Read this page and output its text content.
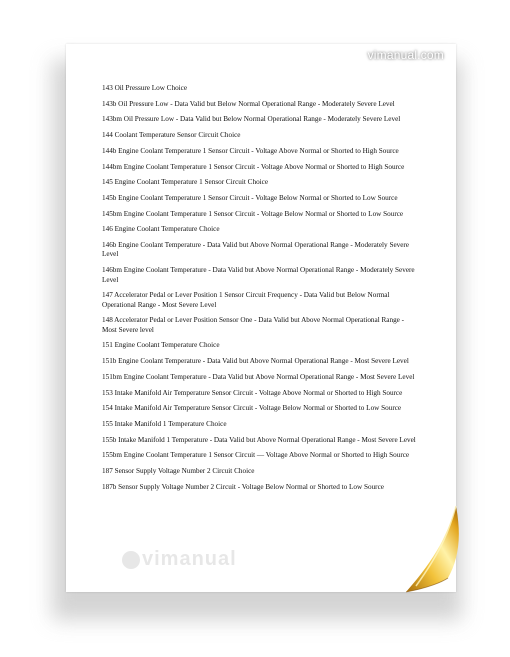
vimanual.com
143 Oil Pressure Low Choice
143b Oil Pressure Low - Data Valid but Below Normal Operational Range - Moderately Severe Level
143bm Oil Pressure Low - Data Valid but Below Normal Operational Range - Moderately Severe Level
144 Coolant Temperature Sensor Circuit Choice
144b Engine Coolant Temperature 1 Sensor Circuit - Voltage Above Normal or Shorted to High Source
144bm Engine Coolant Temperature 1 Sensor Circuit - Voltage Above Normal or Shorted to High Source
145 Engine Coolant Temperature 1 Sensor Circuit Choice
145b Engine Coolant Temperature 1 Sensor Circuit - Voltage Below Normal or Shorted to Low Source
145bm Engine Coolant Temperature 1 Sensor Circuit - Voltage Below Normal or Shorted to Low Source
146 Engine Coolant Temperature Choice
146b Engine Coolant Temperature - Data Valid but Above Normal Operational Range - Moderately Severe Level
146bm Engine Coolant Temperature - Data Valid but Above Normal Operational Range - Moderately Severe Level
147 Accelerator Pedal or Lever Position 1 Sensor Circuit Frequency - Data Valid but Below Normal Operational Range - Most Severe Level
148 Accelerator Pedal or Lever Position Sensor One - Data Valid but Above Normal Operational Range - Most Severe level
151 Engine Coolant Temperature Choice
151b Engine Coolant Temperature - Data Valid but Above Normal Operational Range - Most Severe Level
151bm Engine Coolant Temperature - Data Valid but Above Normal Operational Range - Most Severe Level
153 Intake Manifold Air Temperature Sensor Circuit - Voltage Above Normal or Shorted to High Source
154 Intake Manifold Air Temperature Sensor Circuit - Voltage Below Normal or Shorted to Low Source
155 Intake Manifold 1 Temperature Choice
155b Intake Manifold 1 Temperature - Data Valid but Above Normal Operational Range - Most Severe Level
155bm Engine Coolant Temperature 1 Sensor Circuit — Voltage Above Normal or Shorted to High Source
187 Sensor Supply Voltage Number 2 Circuit Choice
187b Sensor Supply Voltage Number 2 Circuit - Voltage Below Normal or Shorted to Low Source
vimanual
